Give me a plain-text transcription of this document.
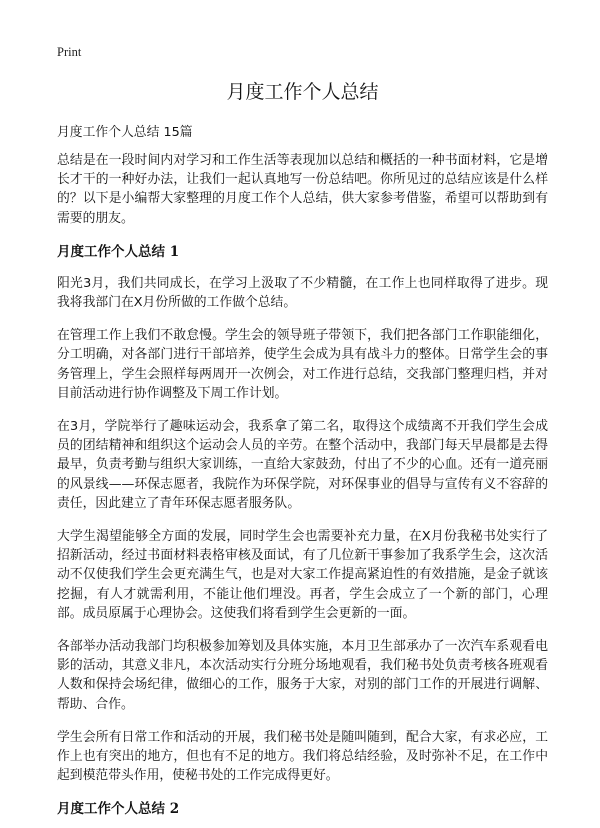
Print
月度工作个人总结
月度工作个人总结 15篇

总结是在一段时间内对学习和工作生活等表现加以总结和概括的一种书面材料，它是增长才干的一种好办法，让我们一起认真地写一份总结吧。你所见过的总结应该是什么样的？以下是小编帮大家整理的月度工作个人总结，供大家参考借鉴，希望可以帮助到有需要的朋友。

月度工作个人总结 1

阳光3月，我们共同成长，在学习上汲取了不少精髓，在工作上也同样取得了进步。现我将我部门在X月份所做的工作做个总结。

在管理工作上我们不敢怠慢。学生会的领导班子带领下，我们把各部门工作职能细化，分工明确，对各部门进行干部培养，使学生会成为具有战斗力的整体。日常学生会的事务管理上，学生会照样每两周开一次例会，对工作进行总结，交我部门整理归档，并对目前活动进行协作调整及下周工作计划。

在3月，学院举行了趣味运动会，我系拿了第二名，取得这个成绩离不开我们学生会成员的团结精神和组织这个运动会人员的辛劳。在整个活动中，我部门每天早晨都是去得最早，负责考勤与组织大家训练，一直给大家鼓劲，付出了不少的心血。还有一道亮丽的风景线——环保志愿者，我院作为环保学院，对环保事业的倡导与宣传有义不容辞的责任，因此建立了青年环保志愿者服务队。

大学生渴望能够全方面的发展，同时学生会也需要补充力量，在X月份我秘书处实行了招新活动，经过书面材料表格审核及面试，有了几位新干事参加了我系学生会，这次活动不仅使我们学生会更充满生气，也是对大家工作提高紧迫性的有效措施，是金子就该挖掘，有人才就需利用，不能让他们埋没。再者，学生会成立了一个新的部门，心理部。成员原属于心理协会。这使我们将看到学生会更新的一面。

各部举办活动我部门均积极参加筹划及具体实施，本月卫生部承办了一次汽车系观看电影的活动，其意义非凡，本次活动实行分班分场地观看，我们秘书处负责考核各班观看人数和保持会场纪律，做细心的工作，服务于大家，对别的部门工作的开展进行调解、帮助、合作。

学生会所有日常工作和活动的开展，我们秘书处是随叫随到，配合大家，有求必应，工作上也有突出的地方，但也有不足的地方。我们将总结经验，及时弥补不足，在工作中起到模范带头作用，使秘书处的工作完成得更好。

月度工作个人总结 2
